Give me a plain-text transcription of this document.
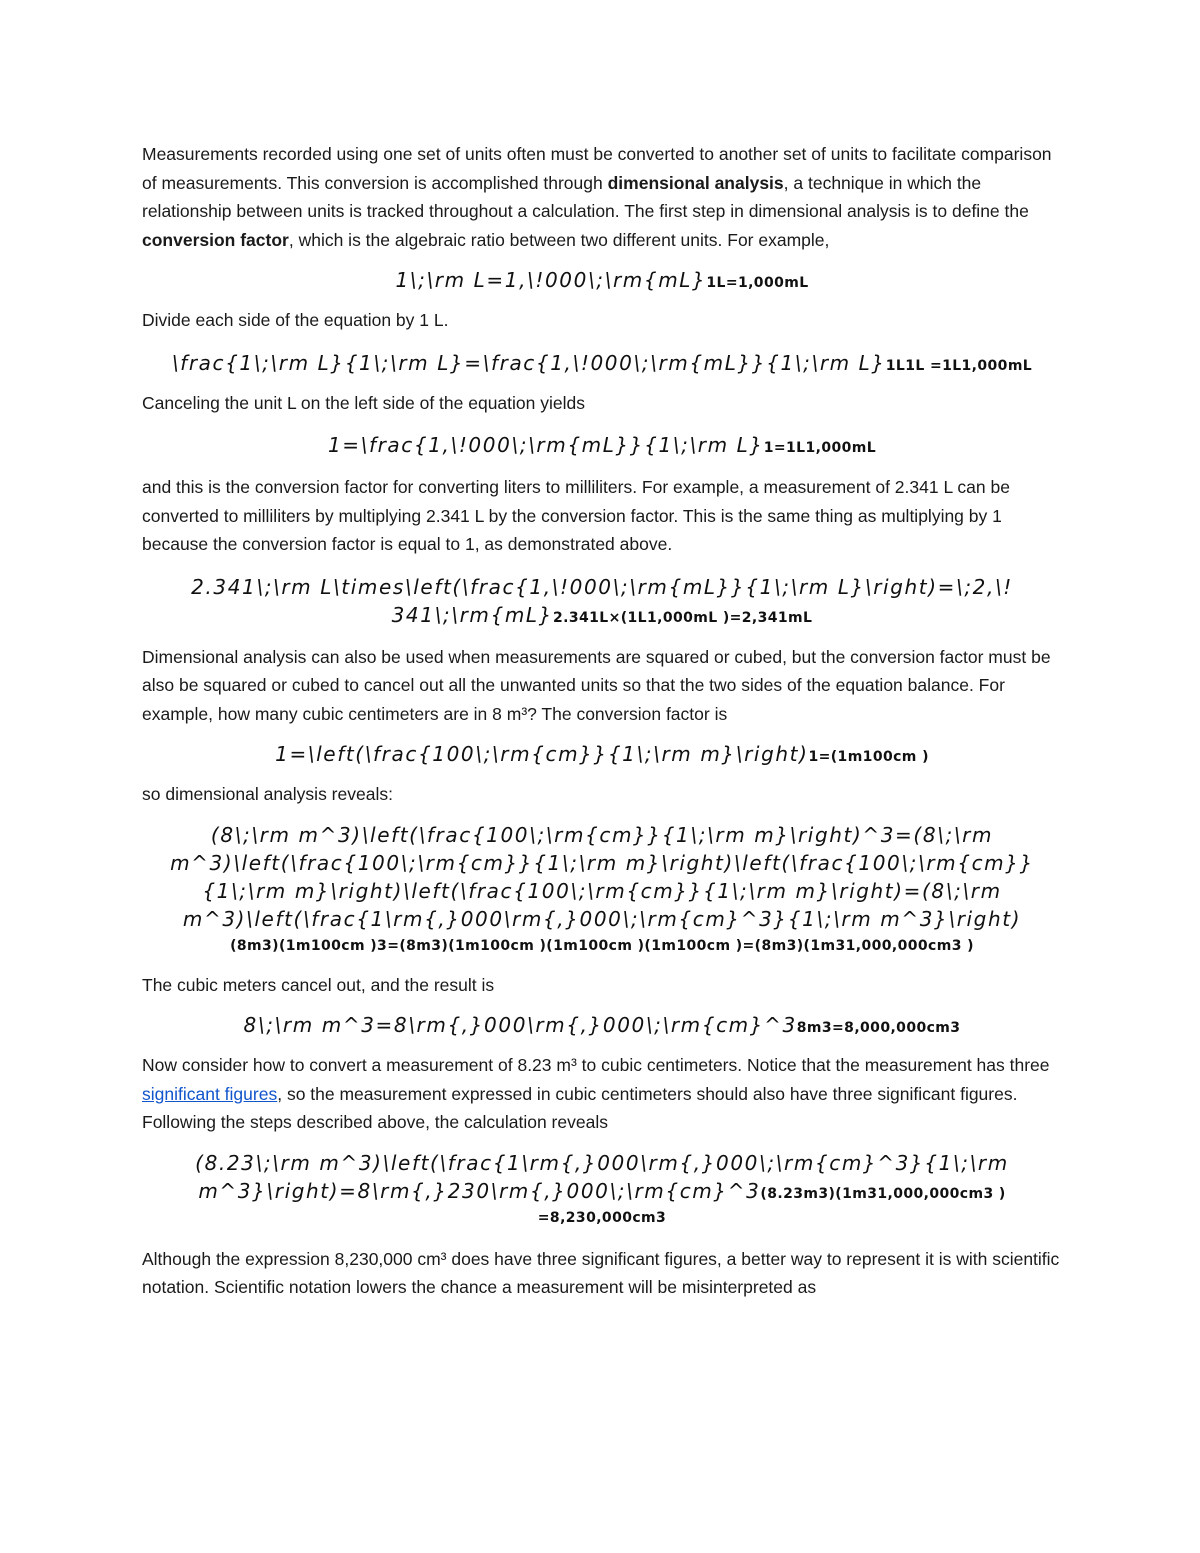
Measurements recorded using one set of units often must be converted to another set of units to facilitate comparison of measurements. This conversion is accomplished through dimensional analysis, a technique in which the relationship between units is tracked throughout a calculation. The first step in dimensional analysis is to define the conversion factor, which is the algebraic ratio between two different units. For example,

1\;\rm L=1,\!000\;\rm{mL}1L=1,000mL

Divide each side of the equation by 1 L.

\frac{1\;\rm L}{1\;\rm L}=\frac{1,\!000\;\rm{mL}}{1\;\rm L}1L1L =1L1,000mL

Canceling the unit L on the left side of the equation yields

1=\frac{1,\!000\;\rm{mL}}{1\;\rm L}1=1L1,000mL

and this is the conversion factor for converting liters to milliliters. For example, a measurement of 2.341 L can be converted to milliliters by multiplying 2.341 L by the conversion factor. This is the same thing as multiplying by 1 because the conversion factor is equal to 1, as demonstrated above.

2.341\;\rm L\times\left(\frac{1,\!000\;\rm{mL}}{1\;\rm L}\right)=\;2,\!
341\;\rm{mL}2.341L×(1L1,000mL )=2,341mL

Dimensional analysis can also be used when measurements are squared or cubed, but the conversion factor must be also be squared or cubed to cancel out all the unwanted units so that the two sides of the equation balance. For example, how many cubic centimeters are in 8 m³? The conversion factor is

1=\left(\frac{100\;\rm{cm}}{1\;\rm m}\right)1=(1m100cm )

so dimensional analysis reveals:

(8\;\rm m^3)\left(\frac{100\;\rm{cm}}{1\;\rm m}\right)^3=(8\;\rm
m^3)\left(\frac{100\;\rm{cm}}{1\;\rm m}\right)\left(\frac{100\;\rm{cm}}
{1\;\rm m}\right)\left(\frac{100\;\rm{cm}}{1\;\rm m}\right)=(8\;\rm
m^3)\left(\frac{1\rm{,}000\rm{,}000\;\rm{cm}^3}{1\;\rm m^3}\right)
(8m3)(1m100cm )3=(8m3)(1m100cm )(1m100cm )(1m100cm )=(8m3)(1m31,000,000cm3 )

The cubic meters cancel out, and the result is

8\;\rm m^3=8\rm{,}000\rm{,}000\;\rm{cm}^38m3=8,000,000cm3

Now consider how to convert a measurement of 8.23 m³ to cubic centimeters. Notice that the measurement has three significant figures, so the measurement expressed in cubic centimeters should also have three significant figures. Following the steps described above, the calculation reveals

(8.23\;\rm m^3)\left(\frac{1\rm{,}000\rm{,}000\;\rm{cm}^3}{1\;\rm
m^3}\right)=8\rm{,}230\rm{,}000\;\rm{cm}^3(8.23m3)(1m31,000,000cm3 )
=8,230,000cm3

Although the expression 8,230,000 cm³ does have three significant figures, a better way to represent it is with scientific notation. Scientific notation lowers the chance a measurement will be misinterpreted as
